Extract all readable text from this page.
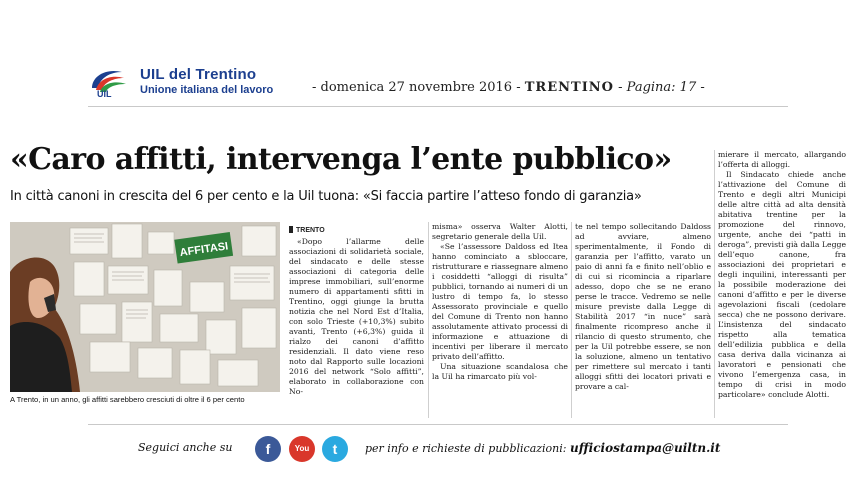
UIL
UIL del Trentino
Unione italiana del lavoro	- domenica 27 novembre 2016 - TRENTINO - Pagina: 17 -
«Caro affitti, intervenga l’ente pubblico»
In città canoni in crescita del 6 per cento e la Uil tuona: «Si faccia partire l’atteso fondo di garanzia»
AFFITASI
A Trento, in un anno, gli affitti sarebbero cresciuti di oltre il 6 per cento
TRENTO

«Dopo l’allarme delle associazioni di solidarietà sociale, del sindacato e delle stesse associazioni di categoria delle imprese immobiliari, sull’enorme numero di appartamenti sfitti in Trentino, oggi giunge la brutta notizia che nel Nord Est d’Italia, con solo Trieste (+10,3%) subito avanti, Trento (+6,3%) guida il rialzo dei canoni d’affitto residenziali. Il dato viene reso noto dal Rapporto sulle locazioni 2016 del network “Solo affitti”, elaborato in collaborazione con No-

misma» osserva Walter Alotti, segretario generale della Uil.

«Se l’assessore Daldoss ed Itea hanno cominciato a sbloccare, ristrutturare e riassegnare almeno i cosiddetti “alloggi di risulta” pubblici, tornando ai numeri di un lustro di tempo fa, lo stesso Assessorato provinciale e quello del Comune di Trento non hanno assolutamente attivato processi di informazione e attuazione di incentivi per liberare il mercato privato dell’affitto.

Una situazione scandalosa che la Uil ha rimarcato più vol-

te nel tempo sollecitando Daldoss ad avviare, almeno sperimentalmente, il Fondo di garanzia per l’affitto, varato un paio di anni fa e finito nell’oblio e di cui si ricomincia a riparlare adesso, dopo che se ne erano perse le tracce. Vedremo se nelle misure previste dalla Legge di Stabilità 2017 “in nuce” sarà finalmente ricompreso anche il rilancio di questo strumento, che per la Uil potrebbe essere, se non la soluzione, almeno un tentativo per rimettere sul mercato i tanti alloggi sfitti dei locatori privati e provare a cal-

mierare il mercato, allargando l’offerta di alloggi.

Il Sindacato chiede anche l’attivazione del Comune di Trento e degli altri Municipi delle altre città ad alta densità abitativa trentine per la promozione del rinnovo, urgente, anche dei “patti in deroga”, previsti già dalla Legge dell’equo canone, fra associazioni dei proprietari e degli inquilini, interessanti per la possibile moderazione dei canoni d’affitto e per le diverse agevolazioni fiscali (cedolare secca) che ne possono derivare. L’insistenza del sindacato rispetto alla tematica dell’edilizia pubblica e della casa deriva dalla vicinanza ai lavoratori e pensionati che vivono l’emergenza casa, in tempo di crisi in modo particolare» conclude Alotti.

Seguici anche su	f	You	t	per info e richieste di pubblicazioni: ufficiostampa@uiltn.it
